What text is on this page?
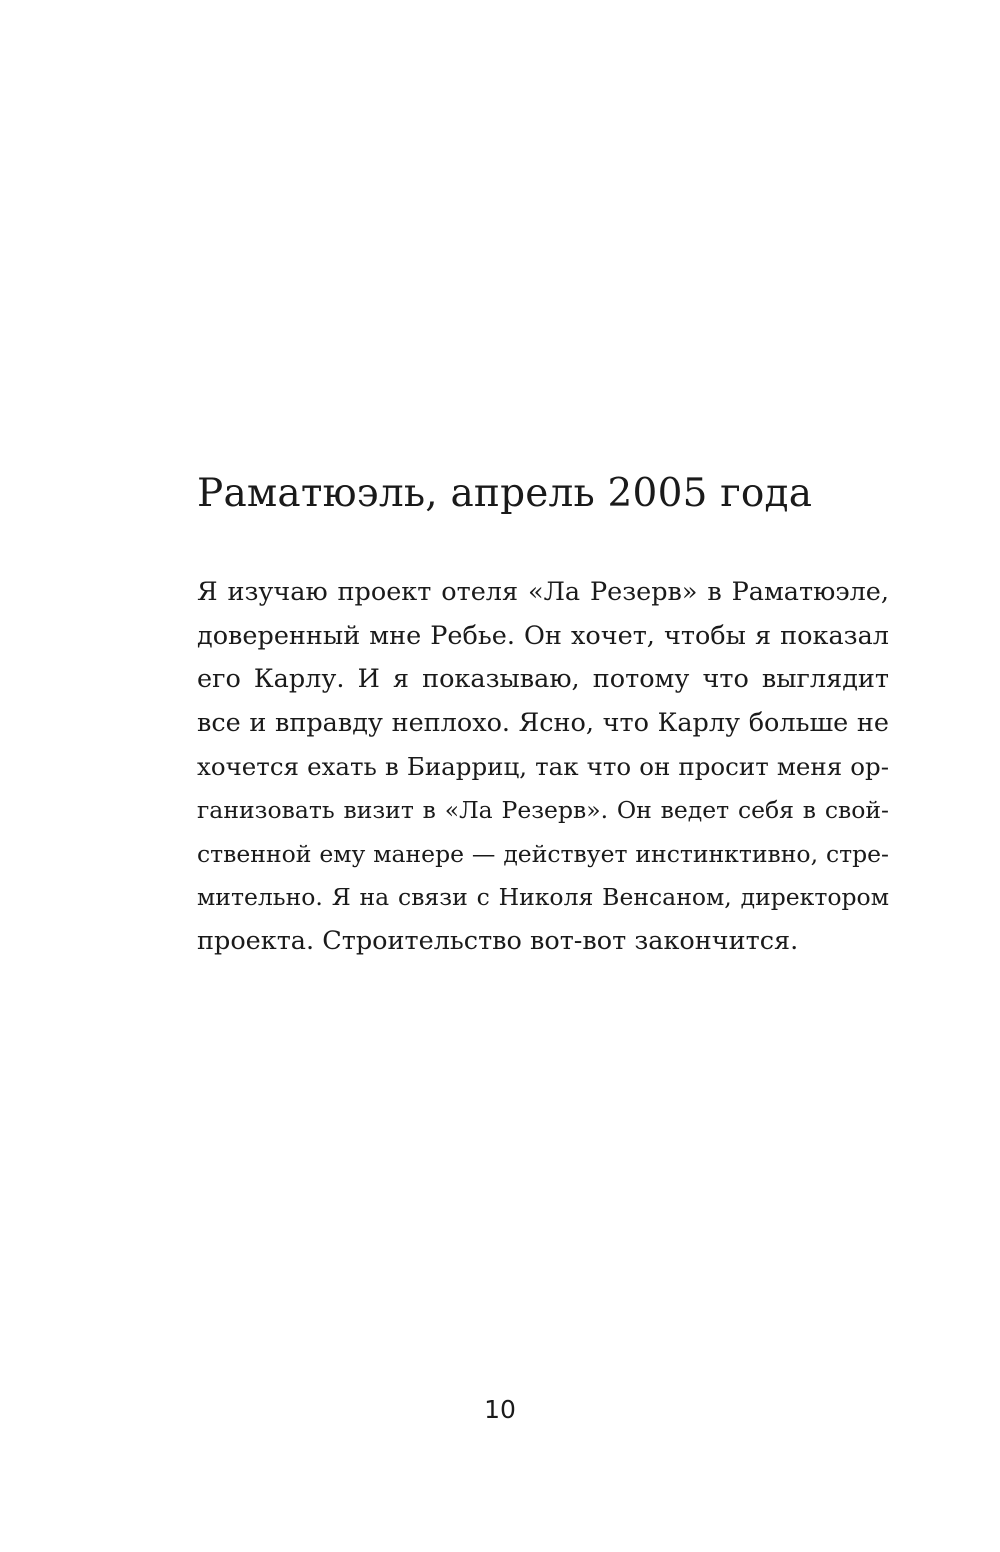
Раматюэль, апрель 2005 года
Я изучаю проект отеля «Ла Резерв» в Раматюэле,
доверенный мне Ребье. Он хочет, чтобы я показал
его Карлу. И я показываю, потому что выглядит
все и вправду неплохо. Ясно, что Карлу больше не
хочется ехать в Биарриц, так что он просит меня ор-
ганизовать визит в «Ла Резерв». Он ведет себя в свой-
ственной ему манере — действует инстинктивно, стре-
мительно. Я на связи с Николя Венсаном, директором
проекта. Строительство вот-вот закончится.
10
